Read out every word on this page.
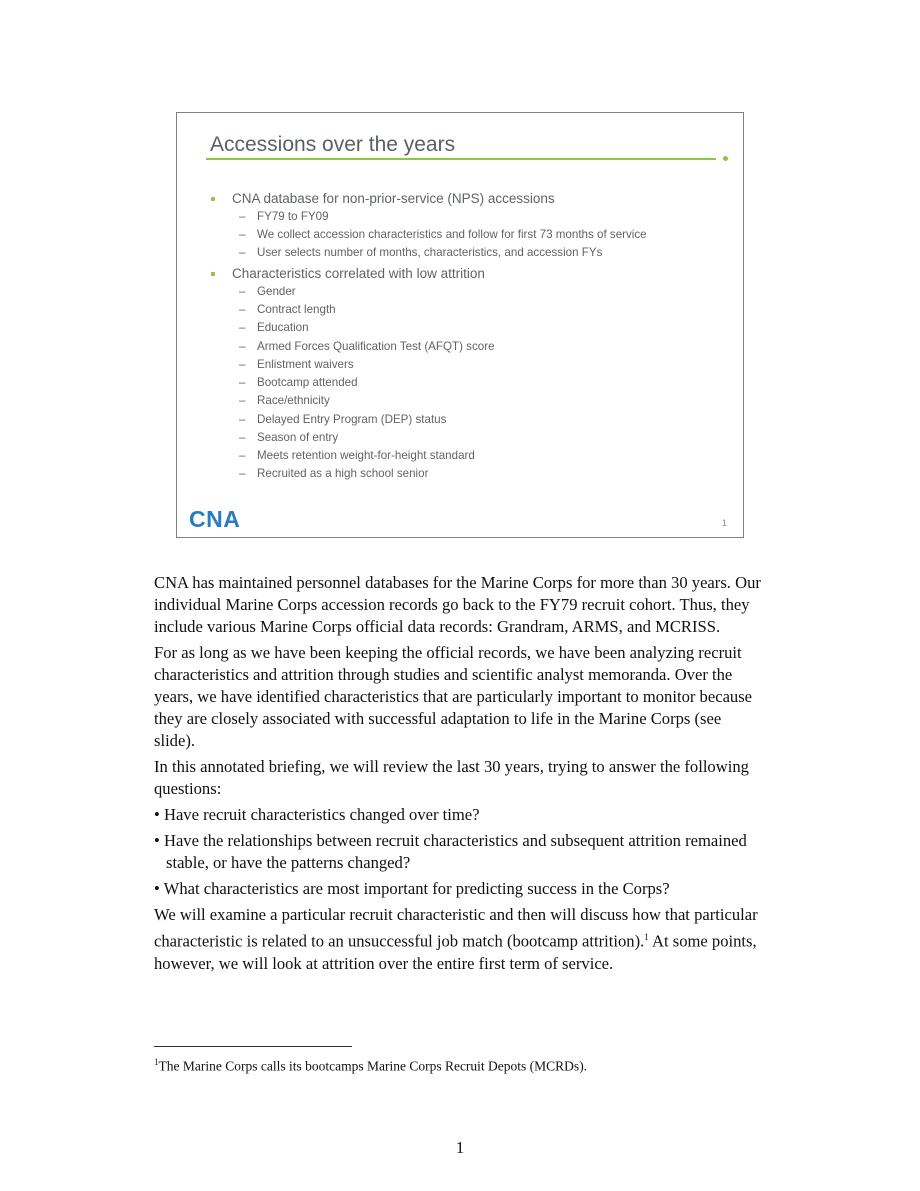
Accessions over the years
CNA database for non-prior-service (NPS) accessions
– FY79 to FY09
– We collect accession characteristics and follow for first 73 months of service
– User selects number of months, characteristics, and accession FYs
Characteristics correlated with low attrition
– Gender
– Contract length
– Education
– Armed Forces Qualification Test (AFQT) score
– Enlistment waivers
– Bootcamp attended
– Race/ethnicity
– Delayed Entry Program (DEP) status
– Season of entry
– Meets retention weight-for-height standard
– Recruited as a high school senior
CNA	1

CNA has maintained personnel databases for the Marine Corps for more than 30 years. Our individual Marine Corps accession records go back to the FY79 recruit cohort. Thus, they include various Marine Corps official data records: Grandram, ARMS, and MCRISS.

For as long as we have been keeping the official records, we have been analyzing recruit characteristics and attrition through studies and scientific analyst memoranda. Over the years, we have identified characteristics that are particularly important to monitor because they are closely associated with successful adaptation to life in the Marine Corps (see slide).

In this annotated briefing, we will review the last 30 years, trying to answer the following questions:

• Have recruit characteristics changed over time?

• Have the relationships between recruit characteristics and subsequent attrition remained stable, or have the patterns changed?

• What characteristics are most important for predicting success in the Corps?

We will examine a particular recruit characteristic and then will discuss how that particular characteristic is related to an unsuccessful job match (bootcamp attrition).$^1$ At some points, however, we will look at attrition over the entire first term of service.

$^1$The Marine Corps calls its bootcamps Marine Corps Recruit Depots (MCRDs).
1
